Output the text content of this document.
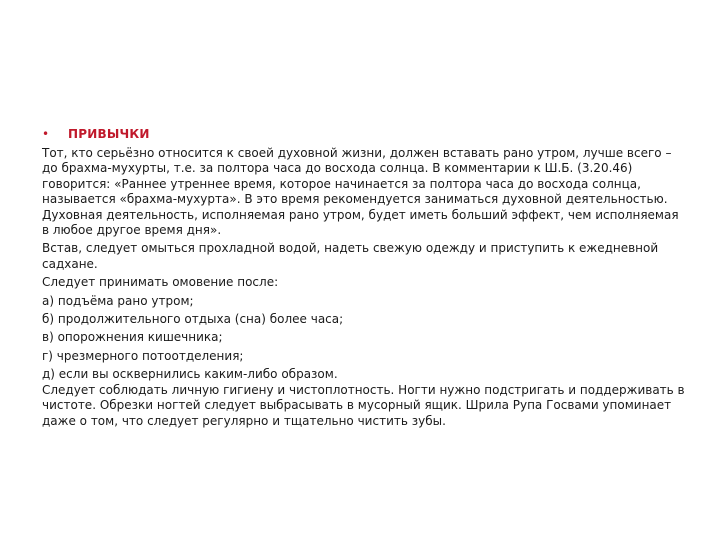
•	ПРИВЫЧКИ

Тот, кто серьёзно относится к своей духовной жизни, должен вставать рано утром, лучше всего –
до брахма-мухурты, т.е. за полтора часа до восхода солнца. В комментарии к Ш.Б. (3.20.46)
говорится: «Раннее утреннее время, которое начинается за полтора часа до восхода солнца,
называется «брахма-мухурта». В это время рекомендуется заниматься духовной деятельностью.
Духовная деятельность, исполняемая рано утром, будет иметь больший эффект, чем исполняемая
в любое другое время дня».

Встав, следует омыться прохладной водой, надеть свежую одежду и приступить к ежедневной
садхане.

Следует принимать омовение после:

а) подъёма рано утром;
б) продолжительного отдыха (сна) более часа;
в) опорожнения кишечника;
г) чрезмерного потоотделения;
д) если вы осквернились каким-либо образом.

Следует соблюдать личную гигиену и чистоплотность. Ногти нужно подстригать и поддерживать в
чистоте. Обрезки ногтей следует выбрасывать в мусорный ящик. Шрила Рупа Госвами упоминает
даже о том, что следует регулярно и тщательно чистить зубы.
